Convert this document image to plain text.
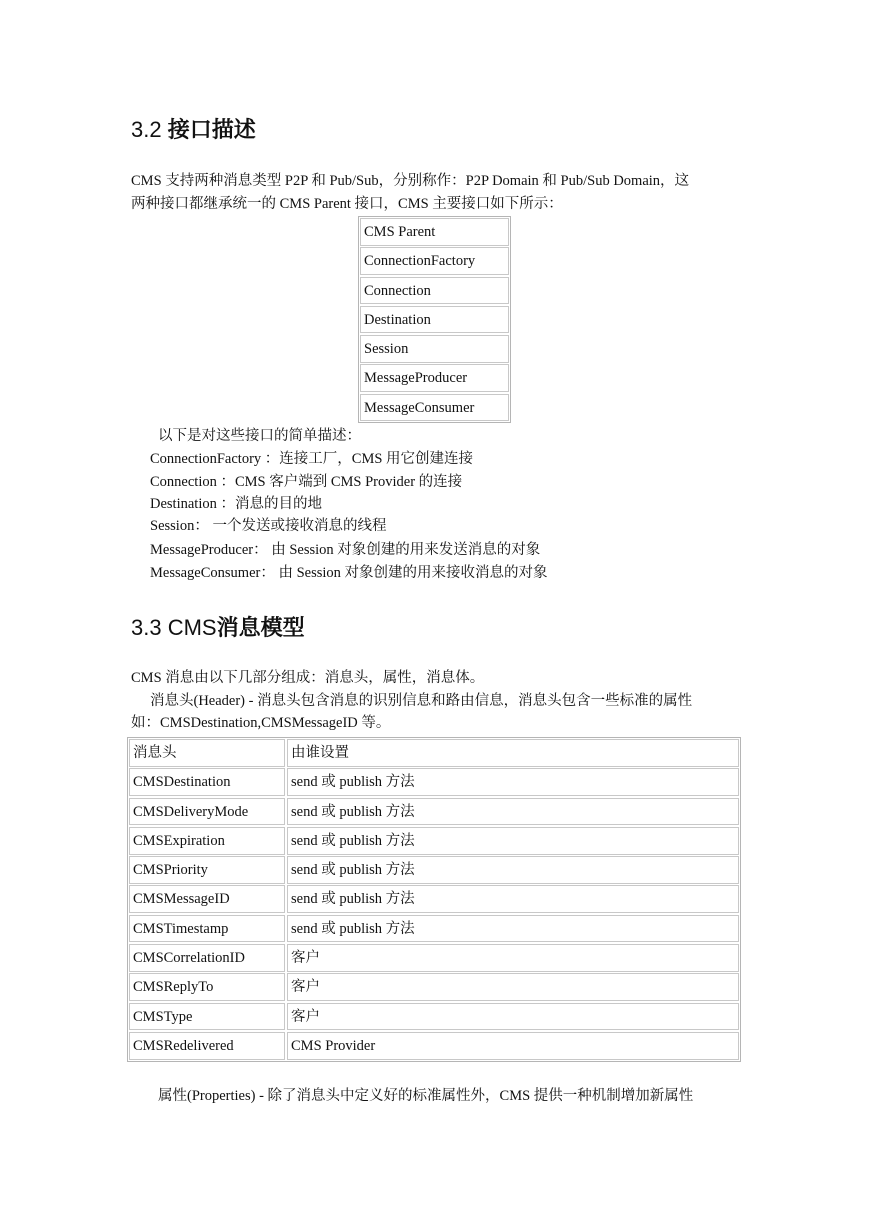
3.2 接口描述
CMS 支持两种消息类型 P2P 和 Pub/Sub，分别称作：P2P Domain 和 Pub/Sub Domain，这
两种接口都继承统一的 CMS Parent 接口，CMS 主要接口如下所示：
CMS Parent
ConnectionFactory
Connection
Destination
Session
MessageProducer
MessageConsumer
以下是对这些接口的简单描述：
ConnectionFactory ：连接工厂，CMS 用它创建连接
Connection ：CMS 客户端到 CMS Provider 的连接
Destination ：消息的目的地
Session： 一个发送或接收消息的线程
MessageProducer： 由 Session 对象创建的用来发送消息的对象
MessageConsumer： 由 Session 对象创建的用来接收消息的对象
3.3 CMS消息模型
CMS 消息由以下几部分组成：消息头，属性，消息体。
消息头(Header) - 消息头包含消息的识别信息和路由信息，消息头包含一些标准的属性
如：CMSDestination,CMSMessageID 等。
消息头	由谁设置
CMSDestination	send 或 publish 方法
CMSDeliveryMode	send 或 publish 方法
CMSExpiration	send 或 publish 方法
CMSPriority	send 或 publish 方法
CMSMessageID	send 或 publish 方法
CMSTimestamp	send 或 publish 方法
CMSCorrelationID	客户
CMSReplyTo	客户
CMSType	客户
CMSRedelivered	CMS Provider
属性(Properties) - 除了消息头中定义好的标准属性外，CMS 提供一种机制增加新属性
